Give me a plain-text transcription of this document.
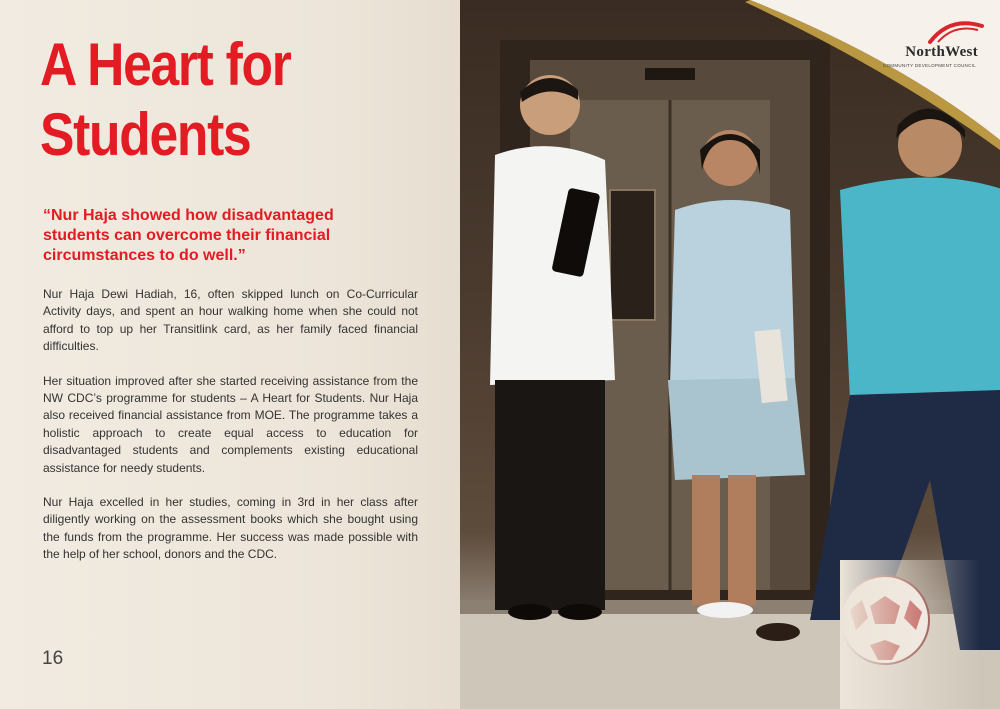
A Heart for
Students

“Nur Haja showed how disadvantaged students can overcome their financial circumstances to do well.”

Nur Haja Dewi Hadiah, 16, often skipped lunch on Co-Curricular Activity days, and spent an hour walking home when she could not afford to top up her Transitlink card, as her family faced financial difficulties.

Her situation improved after she started receiving assistance from the NW CDC’s programme for students – A Heart for Students. Nur Haja also received financial assistance from MOE. The programme takes a holistic approach to create equal access to education for disadvantaged students and complements existing educational assistance for needy students.

Nur Haja excelled in her studies, coming in 3rd in her class after diligently working on the assessment books which she bought using the funds from the programme. Her success was made possible with the help of her school, donors and the CDC.

16

NorthWest

COMMUNITY DEVELOPMENT COUNCIL
